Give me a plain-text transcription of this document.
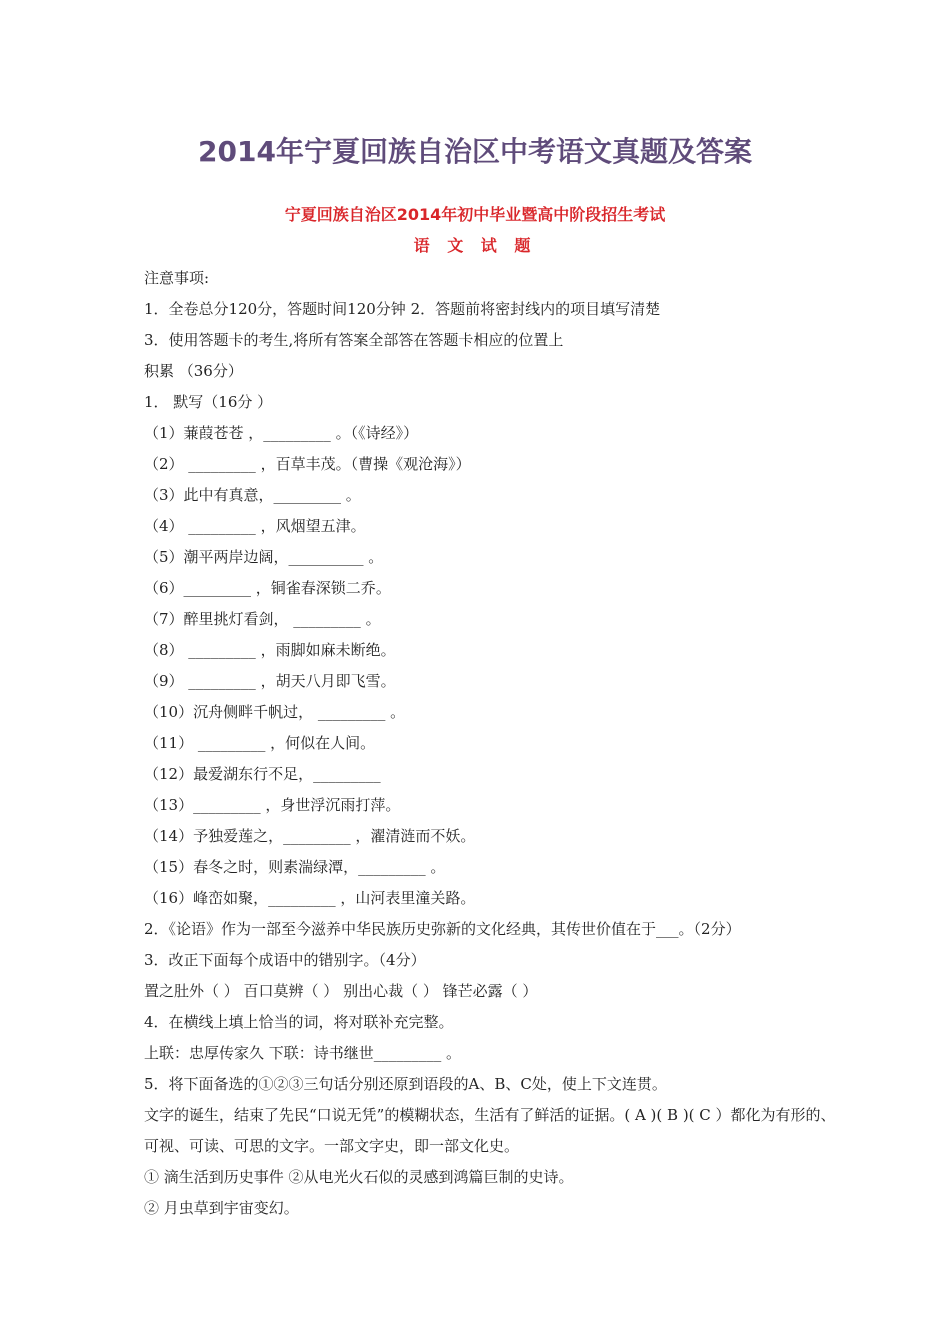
2014年宁夏回族自治区中考语文真题及答案
宁夏回族自治区2014年初中毕业暨高中阶段招生考试
语 文 试 题
注意事项:
1．全卷总分120分，答题时间120分钟 2．答题前将密封线内的项目填写清楚
3．使用答题卡的考生,将所有答案全部答在答题卡相应的位置上
积累 （36分）
1． 默写（16分 ）
（1）蒹葭苍苍 ，_________ 。（《诗经》）
（2） _________ ，百草丰茂。（曹操《观沧海》）
（3）此中有真意，_________ 。
（4） _________ ，风烟望五津。
（5）潮平两岸边阔，__________ 。
（6）_________ ，铜雀春深锁二乔。
（7）醉里挑灯看剑， _________ 。
（8） _________ ，雨脚如麻未断绝。
（9） _________ ，胡天八月即飞雪。
（10）沉舟侧畔千帆过， _________ 。
（11） _________ ，何似在人间。
（12）最爱湖东行不足，_________
（13）_________ ，身世浮沉雨打萍。
（14）予独爱莲之，_________ ，濯清涟而不妖。
（15）春冬之时，则素湍绿潭，_________ 。
（16）峰峦如聚，_________ ，山河表里潼关路。
2．《论语》作为一部至今滋养中华民族历史弥新的文化经典，其传世价值在于___。（2分）
3．改正下面每个成语中的错别字。（4分）
置之肚外（ ） 百口莫辨（ ） 别出心裁（ ） 锋芒必露（ ）
4．在横线上填上恰当的词，将对联补充完整。
上联：忠厚传家久 下联：诗书继世_________ 。
5．将下面备选的①②③三句话分别还原到语段的A、B、C处，使上下文连贯。
文字的诞生，结束了先民“口说无凭”的模糊状态，生活有了鲜活的证据。( A )( B )( C ）都化为有形的、可视、可读、可思的文字。一部文字史，即一部文化史。
① 滴生活到历史事件 ②从电光火石似的灵感到鸿篇巨制的史诗。
② 月虫草到宇宙变幻。
